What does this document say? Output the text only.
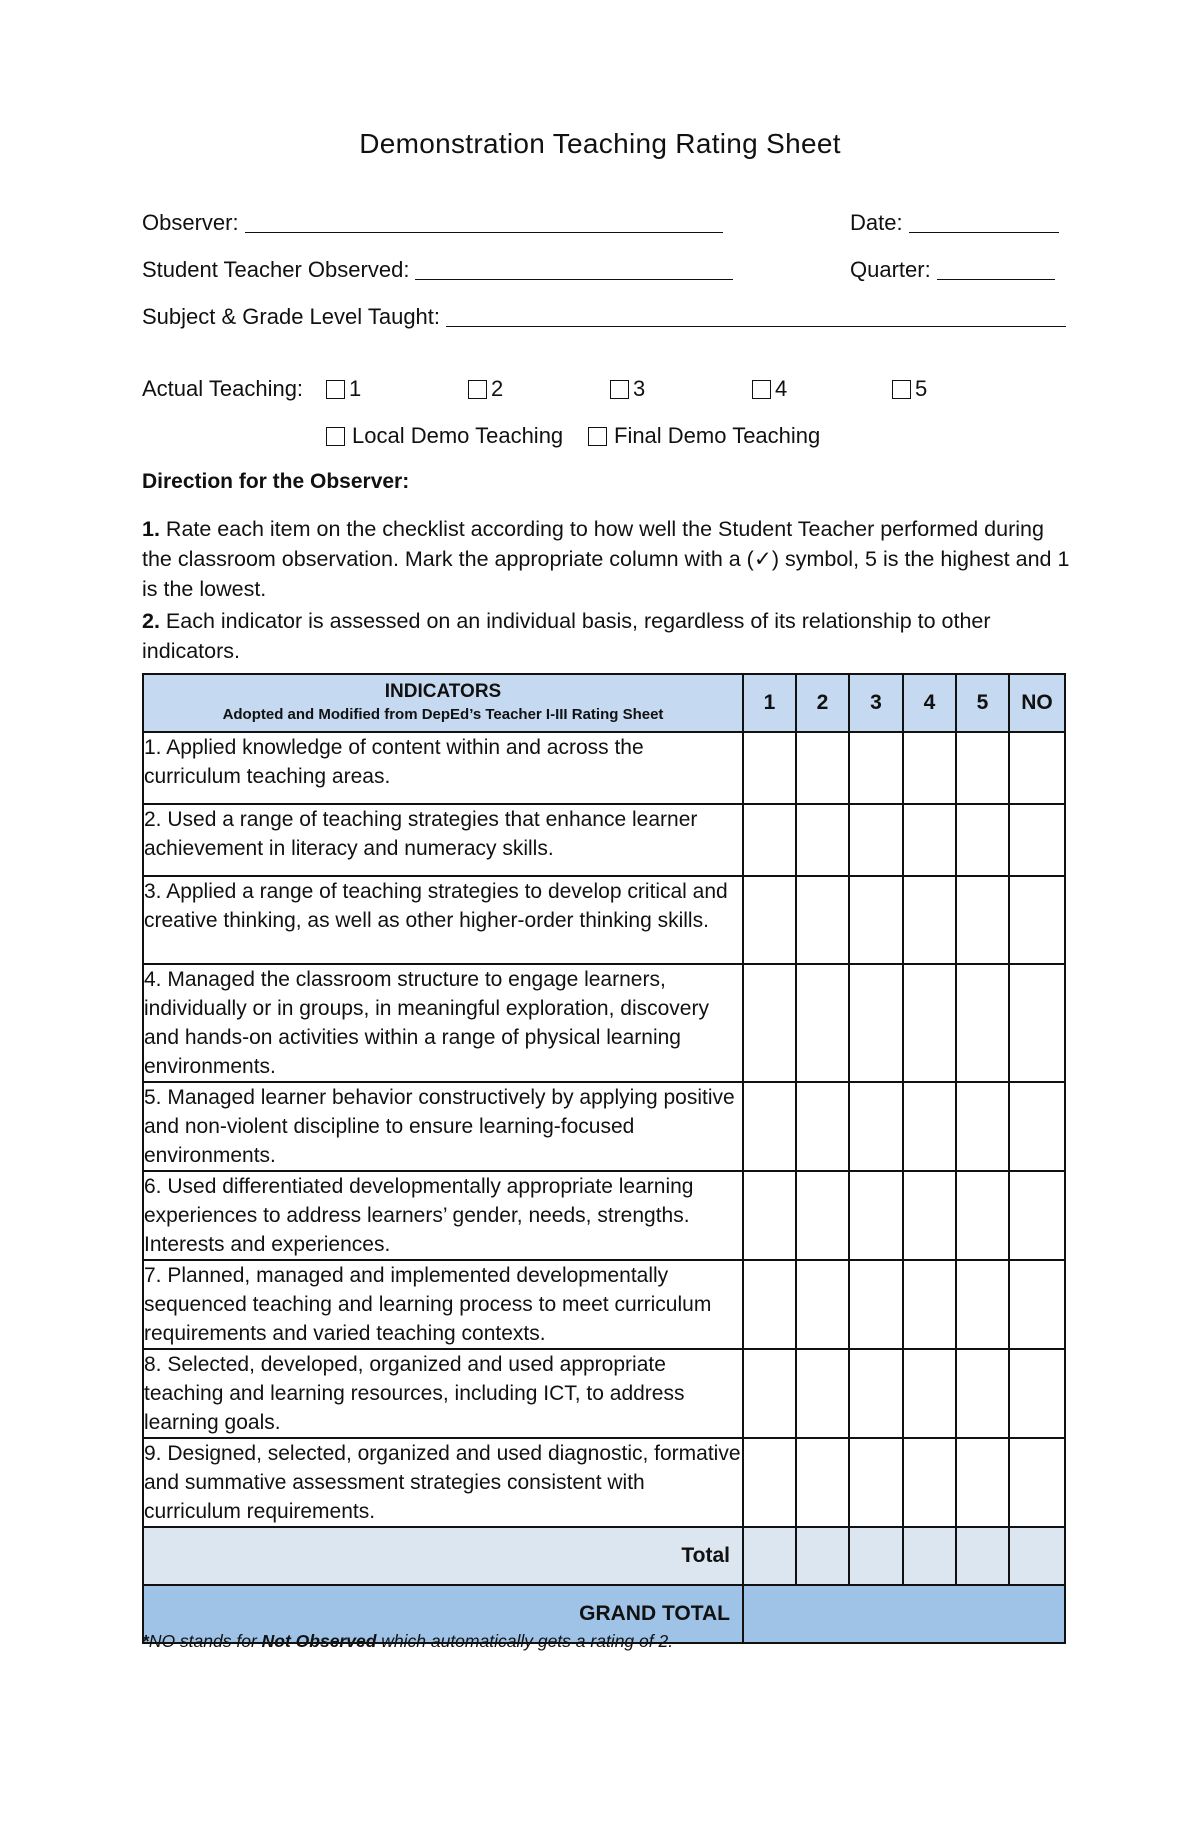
Demonstration Teaching Rating Sheet
Observer:	Date:
Student Teacher Observed:	Quarter:
Subject & Grade Level Taught:
Actual Teaching: 1	2	3	4	5
Local Demo Teaching Final Demo Teaching
Direction for the Observer:
1. Rate each item on the checklist according to how well the Student Teacher performed during the classroom observation. Mark the appropriate column with a (✓) symbol, 5 is the highest and 1 is the lowest.
2. Each indicator is assessed on an individual basis, regardless of its relationship to other indicators.
INDICATORS
Adopted and Modified from DepEd’s Teacher I-III Rating Sheet	1	2	3	4	5	NO
1. Applied knowledge of content within and across the curriculum teaching areas.						
2. Used a range of teaching strategies that enhance learner achievement in literacy and numeracy skills.						
3. Applied a range of teaching strategies to develop critical and creative thinking, as well as other higher-order thinking skills.						
4. Managed the classroom structure to engage learners, individually or in groups, in meaningful exploration, discovery and hands-on activities within a range of physical learning environments.						
5. Managed learner behavior constructively by applying positive and non-violent discipline to ensure learning-focused environments.						
6. Used differentiated developmentally appropriate learning experiences to address learners’ gender, needs, strengths. Interests and experiences.						
7. Planned, managed and implemented developmentally sequenced teaching and learning process to meet curriculum requirements and varied teaching contexts.						
8. Selected, developed, organized and used appropriate teaching and learning resources, including ICT, to address learning goals.						
9. Designed, selected, organized and used diagnostic, formative and summative assessment strategies consistent with curriculum requirements.						
Total						
GRAND TOTAL						
*NO stands for Not Observed which automatically gets a rating of 2.
